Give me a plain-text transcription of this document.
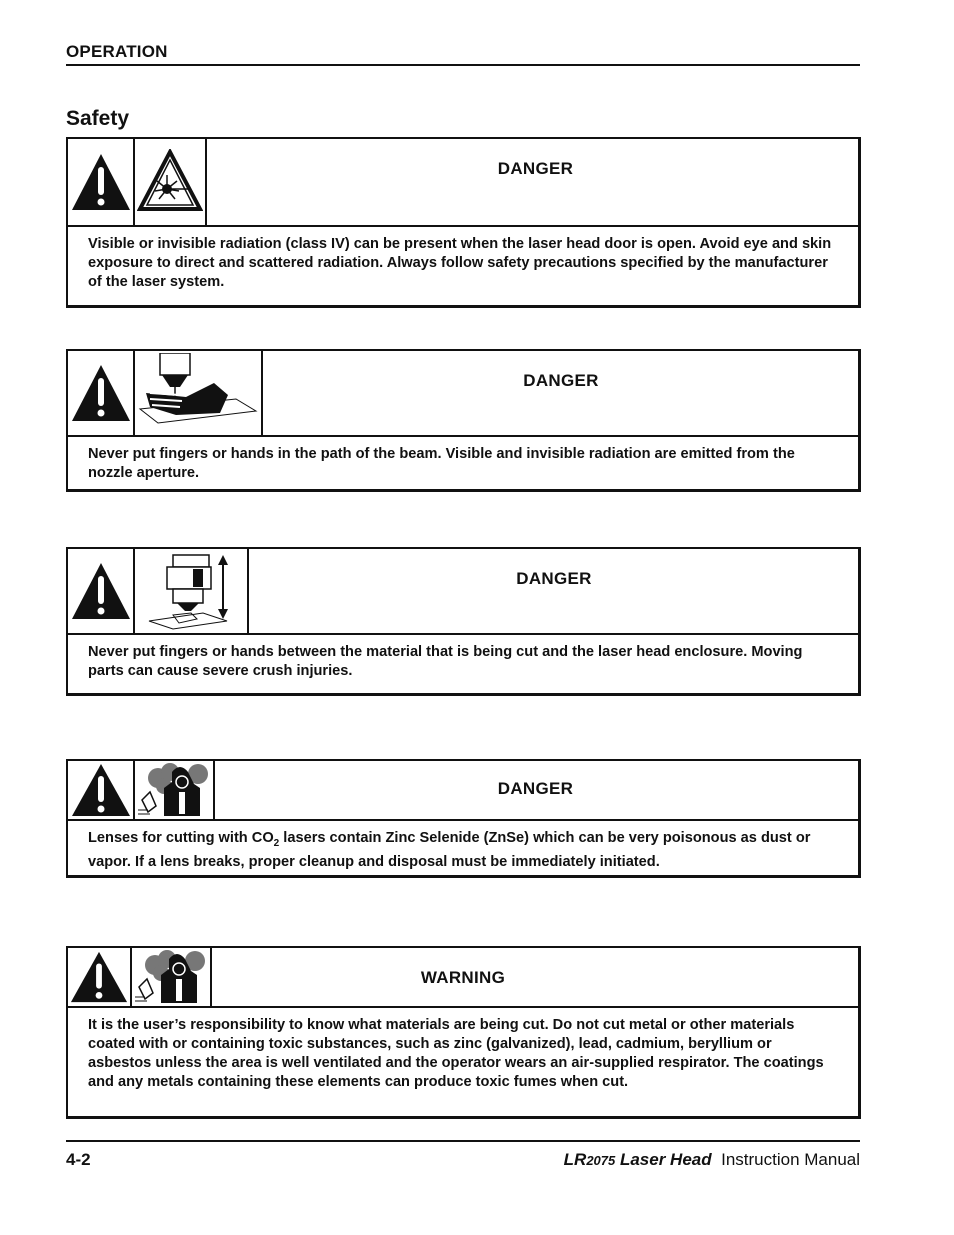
OPERATION
Safety
DANGER
Visible or invisible radiation (class IV) can be present when the laser head door is open. Avoid eye and skin exposure to direct and scattered radiation. Always follow safety precautions specified by the manufacturer of the laser system.
DANGER
Never put fingers or hands in the path of the beam. Visible and invisible radiation are emitted from the nozzle aperture.
DANGER
Never put fingers or hands between the material that is being cut and the laser head enclosure. Moving parts can cause severe crush injuries.
DANGER
Lenses for cutting with $CO_2$ lasers contain Zinc Selenide (ZnSe) which can be very poisonous as dust or vapor. If a lens breaks, proper cleanup and disposal must be immediately initiated.
WARNING
It is the user’s responsibility to know what materials are being cut. Do not cut metal or other materials coated with or containing toxic substances, such as zinc (galvanized), lead, cadmium, beryllium or asbestos unless the area is well ventilated and the operator wears an air-supplied respirator. The coatings and any metals containing these elements can produce toxic fumes when cut.
4-2	LR2075 Laser Head Instruction Manual
